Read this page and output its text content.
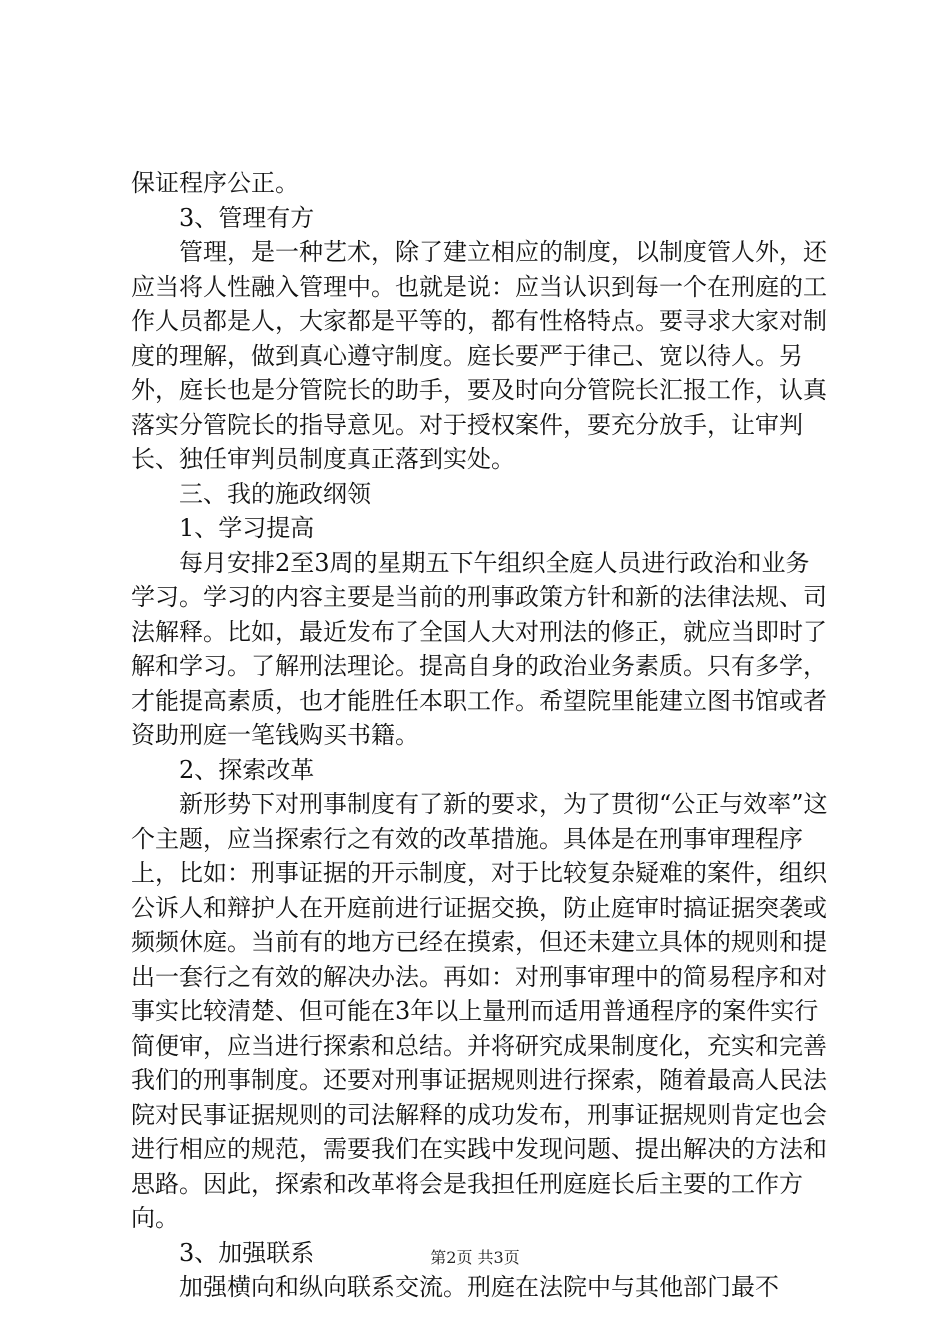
保证程序公正。

3、管理有方

管理，是一种艺术，除了建立相应的制度，以制度管人外，还应当将人性融入管理中。也就是说：应当认识到每一个在刑庭的工作人员都是人，大家都是平等的，都有性格特点。要寻求大家对制度的理解，做到真心遵守制度。庭长要严于律己、宽以待人。另外，庭长也是分管院长的助手，要及时向分管院长汇报工作，认真落实分管院长的指导意见。对于授权案件，要充分放手，让审判长、独任审判员制度真正落到实处。

三、我的施政纲领

1、学习提高

每月安排2至3周的星期五下午组织全庭人员进行政治和业务学习。学习的内容主要是当前的刑事政策方针和新的法律法规、司法解释。比如，最近发布了全国人大对刑法的修正，就应当即时了解和学习。了解刑法理论。提高自身的政治业务素质。只有多学，才能提高素质，也才能胜任本职工作。希望院里能建立图书馆或者资助刑庭一笔钱购买书籍。

2、探索改革

新形势下对刑事制度有了新的要求，为了贯彻“公正与效率”这个主题，应当探索行之有效的改革措施。具体是在刑事审理程序上，比如：刑事证据的开示制度，对于比较复杂疑难的案件，组织公诉人和辩护人在开庭前进行证据交换，防止庭审时搞证据突袭或频频休庭。当前有的地方已经在摸索，但还未建立具体的规则和提出一套行之有效的解决办法。再如：对刑事审理中的简易程序和对事实比较清楚、但可能在3年以上量刑而适用普通程序的案件实行简便审，应当进行探索和总结。并将研究成果制度化，充实和完善我们的刑事制度。还要对刑事证据规则进行探索，随着最高人民法院对民事证据规则的司法解释的成功发布，刑事证据规则肯定也会进行相应的规范，需要我们在实践中发现问题、提出解决的方法和思路。因此，探索和改革将会是我担任刑庭庭长后主要的工作方向。

3、加强联系

加强横向和纵向联系交流。刑庭在法院中与其他部门最不

第2页 共3页
